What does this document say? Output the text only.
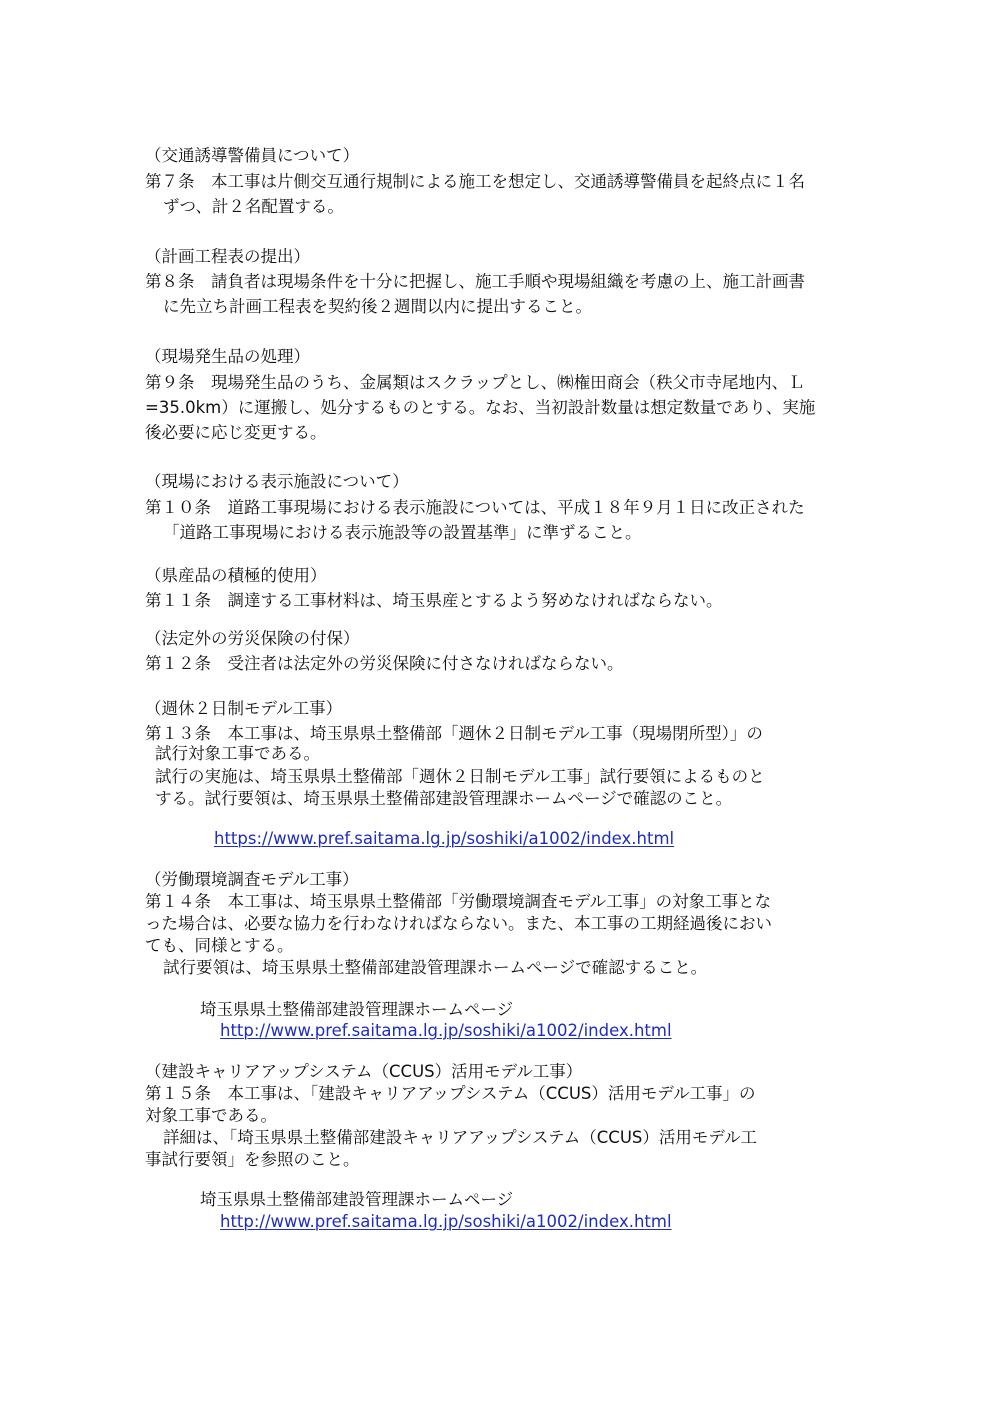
（交通誘導警備員について）
第７条　本工事は片側交互通行規制による施工を想定し、交通誘導警備員を起終点に１名
ずつ、計２名配置する。
（計画工程表の提出）
第８条　請負者は現場条件を十分に把握し、施工手順や現場組織を考慮の上、施工計画書
に先立ち計画工程表を契約後２週間以内に提出すること。
（現場発生品の処理）
第９条　現場発生品のうち、金属類はスクラップとし、㈱権田商会（秩父市寺尾地内、Ｌ
=35.0km）に運搬し、処分するものとする。なお、当初設計数量は想定数量であり、実施
後必要に応じ変更する。
（現場における表示施設について）
第１０条　道路工事現場における表示施設については、平成１８年９月１日に改正された
「道路工事現場における表示施設等の設置基準」に準ずること。
（県産品の積極的使用）
第１１条　調達する工事材料は、埼玉県産とするよう努めなければならない。
（法定外の労災保険の付保）
第１２条　受注者は法定外の労災保険に付さなければならない。
（週休２日制モデル工事）
第１３条　本工事は、埼玉県県土整備部「週休２日制モデル工事（現場閉所型）」の
試行対象工事である。
試行の実施は、埼玉県県土整備部「週休２日制モデル工事」試行要領によるものと
する。試行要領は、埼玉県県土整備部建設管理課ホームページで確認のこと。
https://www.pref.saitama.lg.jp/soshiki/a1002/index.html
（労働環境調査モデル工事）
第１４条　本工事は、埼玉県県土整備部「労働環境調査モデル工事」の対象工事とな
った場合は、必要な協力を行わなければならない。また、本工事の工期経過後におい
ても、同様とする。
試行要領は、埼玉県県土整備部建設管理課ホームページで確認すること。
埼玉県県土整備部建設管理課ホームページ
http://www.pref.saitama.lg.jp/soshiki/a1002/index.html
（建設キャリアアップシステム（CCUS）活用モデル工事）
第１５条　本工事は、「建設キャリアアップシステム（CCUS）活用モデル工事」の
対象工事である。
詳細は、「埼玉県県土整備部建設キャリアアップシステム（CCUS）活用モデル工
事試行要領」を参照のこと。
埼玉県県土整備部建設管理課ホームページ
http://www.pref.saitama.lg.jp/soshiki/a1002/index.html
